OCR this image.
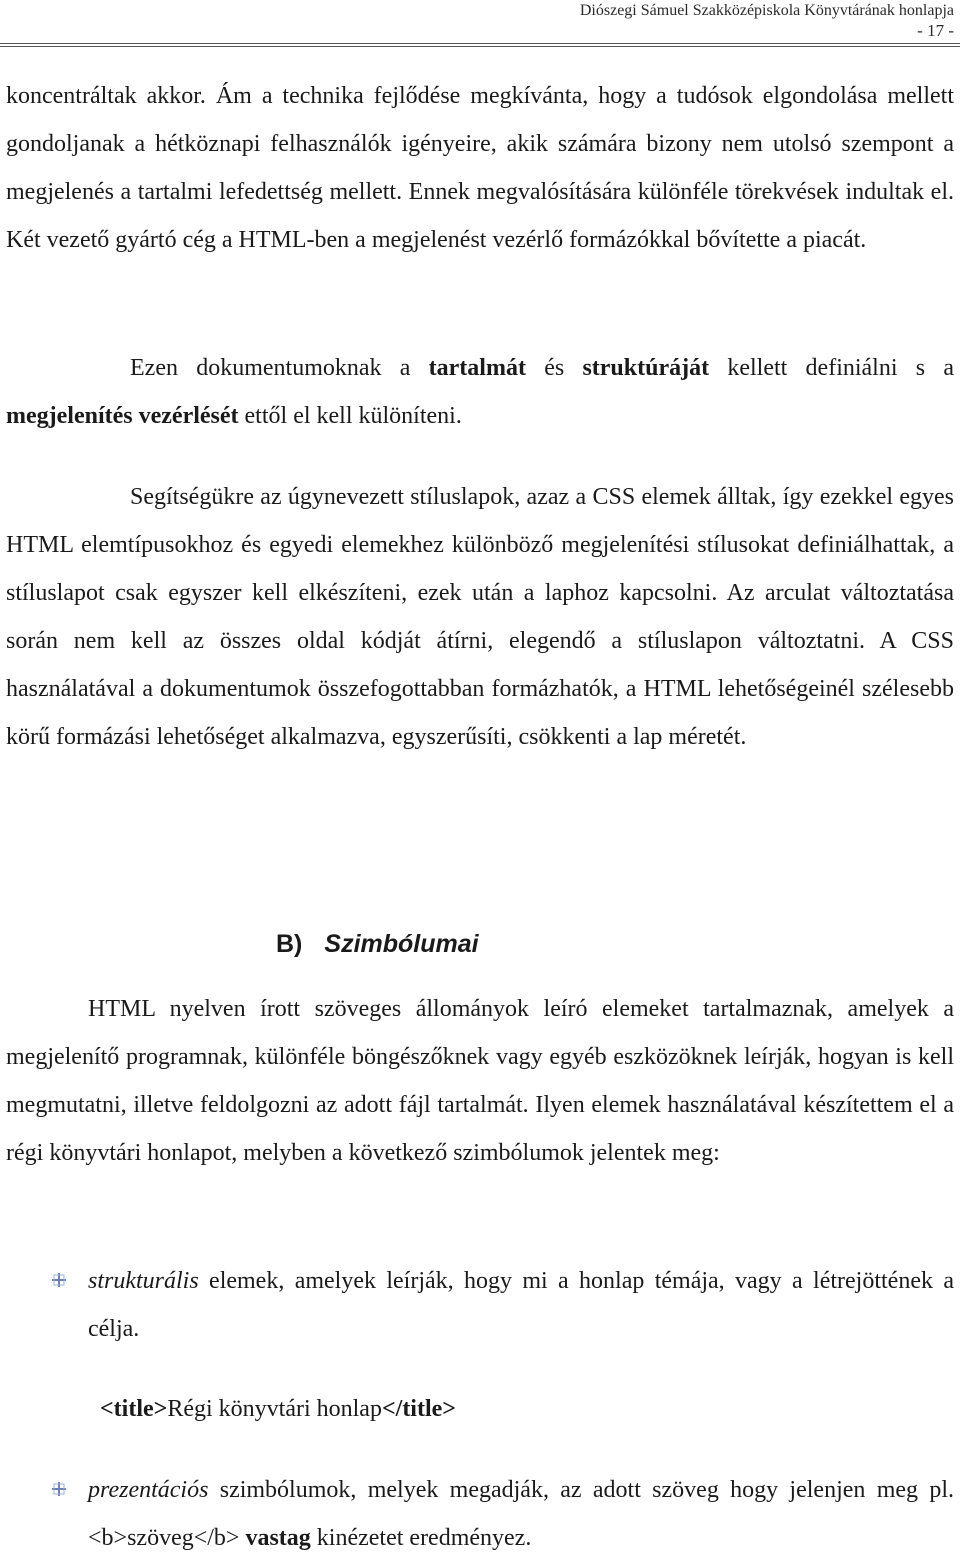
Diószegi Sámuel Szakközépiskola Könyvtárának honlapja
- 17 -

koncentráltak akkor. Ám a technika fejlődése megkívánta, hogy a tudósok elgondolása mellett gondoljanak a hétköznapi felhasználók igényeire, akik számára bizony nem utolsó szempont a megjelenés a tartalmi lefedettség mellett. Ennek megvalósítására különféle törekvések indultak el. Két vezető gyártó cég a HTML-ben a megjelenést vezérlő formázókkal bővítette a piacát.

Ezen dokumentumoknak a tartalmát és struktúráját kellett definiálni s a megjelenítés vezérlését ettől el kell különíteni.

Segítségükre az úgynevezett stíluslapok, azaz a CSS elemek álltak, így ezekkel egyes HTML elemtípusokhoz és egyedi elemekhez különböző megjelenítési stílusokat definiálhattak, a stíluslapot csak egyszer kell elkészíteni, ezek után a laphoz kapcsolni. Az arculat változtatása során nem kell az összes oldal kódját átírni, elegendő a stíluslapon változtatni. A CSS használatával a dokumentumok összefogottabban formázhatók, a HTML lehetőségeinél szélesebb körű formázási lehetőséget alkalmazva, egyszerűsíti, csökkenti a lap méretét.

B) Szimbólumai

HTML nyelven írott szöveges állományok leíró elemeket tartalmaznak, amelyek a megjelenítő programnak, különféle böngészőknek vagy egyéb eszközöknek leírják, hogyan is kell megmutatni, illetve feldolgozni az adott fájl tartalmát. Ilyen elemek használatával készítettem el a régi könyvtári honlapot, melyben a következő szimbólumok jelentek meg:

strukturális elemek, amelyek leírják, hogy mi a honlap témája, vagy a létrejöttének a célja.

<title>Régi könyvtári honlap</title>

prezentációs szimbólumok, melyek megadják, az adott szöveg hogy jelenjen meg pl. <b>szöveg</b> vastag kinézetet eredményez.
